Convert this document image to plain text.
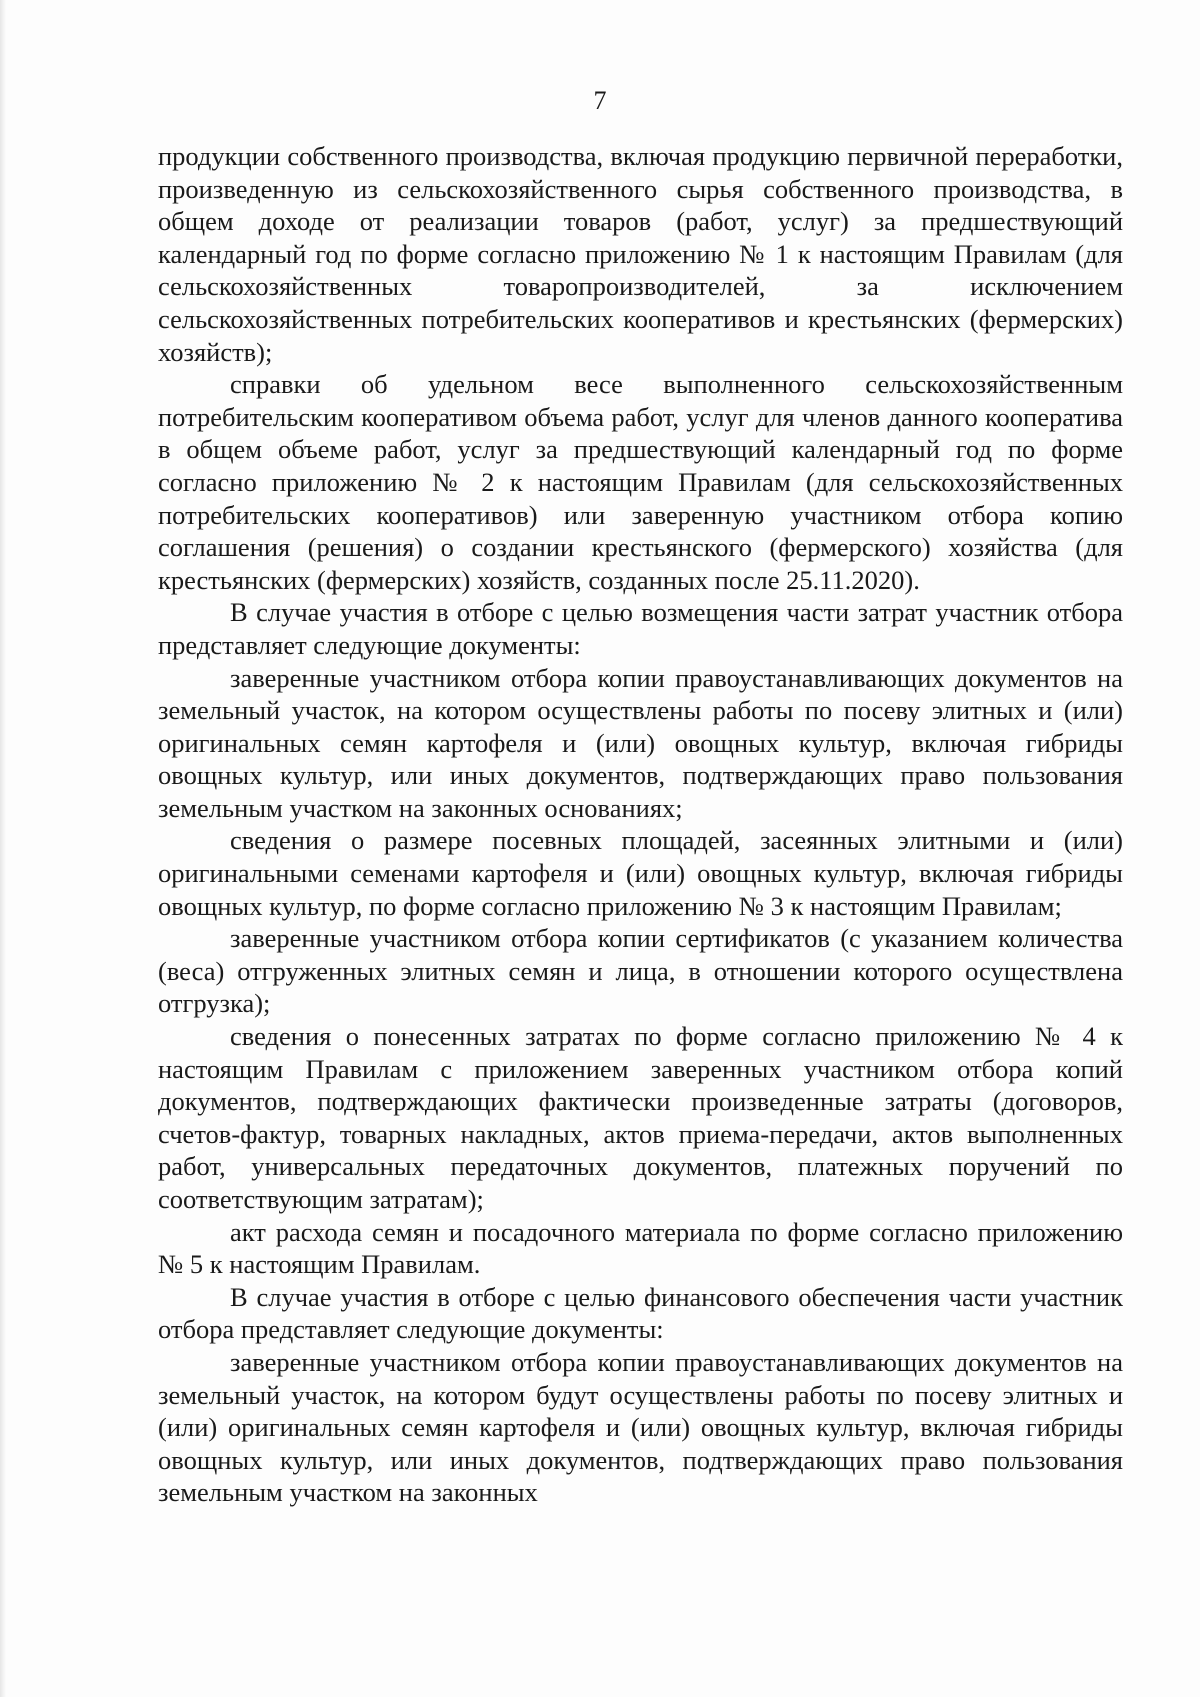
7

продукции собственного производства, включая продукцию первичной переработки, произведенную из сельскохозяйственного сырья собственного производства, в общем доходе от реализации товаров (работ, услуг) за предшествующий календарный год по форме согласно приложению № 1 к настоящим Правилам (для сельскохозяйственных товаропроизводителей, за исключением сельскохозяйственных потребительских кооперативов и крестьянских (фермерских) хозяйств);

справки об удельном весе выполненного сельскохозяйственным потребительским кооперативом объема работ, услуг для членов данного кооператива в общем объеме работ, услуг за предшествующий календарный год по форме согласно приложению № 2 к настоящим Правилам (для сельскохозяйственных потребительских кооперативов) или заверенную участником отбора копию соглашения (решения) о создании крестьянского (фермерского) хозяйства (для крестьянских (фермерских) хозяйств, созданных после 25.11.2020).

В случае участия в отборе с целью возмещения части затрат участник отбора представляет следующие документы:

заверенные участником отбора копии правоустанавливающих документов на земельный участок, на котором осуществлены работы по посеву элитных и (или) оригинальных семян картофеля и (или) овощных культур, включая гибриды овощных культур, или иных документов, подтверждающих право пользования земельным участком на законных основаниях;

сведения о размере посевных площадей, засеянных элитными и (или) оригинальными семенами картофеля и (или) овощных культур, включая гибриды овощных культур, по форме согласно приложению № 3 к настоящим Правилам;

заверенные участником отбора копии сертификатов (с указанием количества (веса) отгруженных элитных семян и лица, в отношении которого осуществлена отгрузка);

сведения о понесенных затратах по форме согласно приложению № 4 к настоящим Правилам с приложением заверенных участником отбора копий документов, подтверждающих фактически произведенные затраты (договоров, счетов-фактур, товарных накладных, актов приема-передачи, актов выполненных работ, универсальных передаточных документов, платежных поручений по соответствующим затратам);

акт расхода семян и посадочного материала по форме согласно приложению № 5 к настоящим Правилам.

В случае участия в отборе с целью финансового обеспечения части участник отбора представляет следующие документы:

заверенные участником отбора копии правоустанавливающих документов на земельный участок, на котором будут осуществлены работы по посеву элитных и (или) оригинальных семян картофеля и (или) овощных культур, включая гибриды овощных культур, или иных документов, подтверждающих право пользования земельным участком на законных
